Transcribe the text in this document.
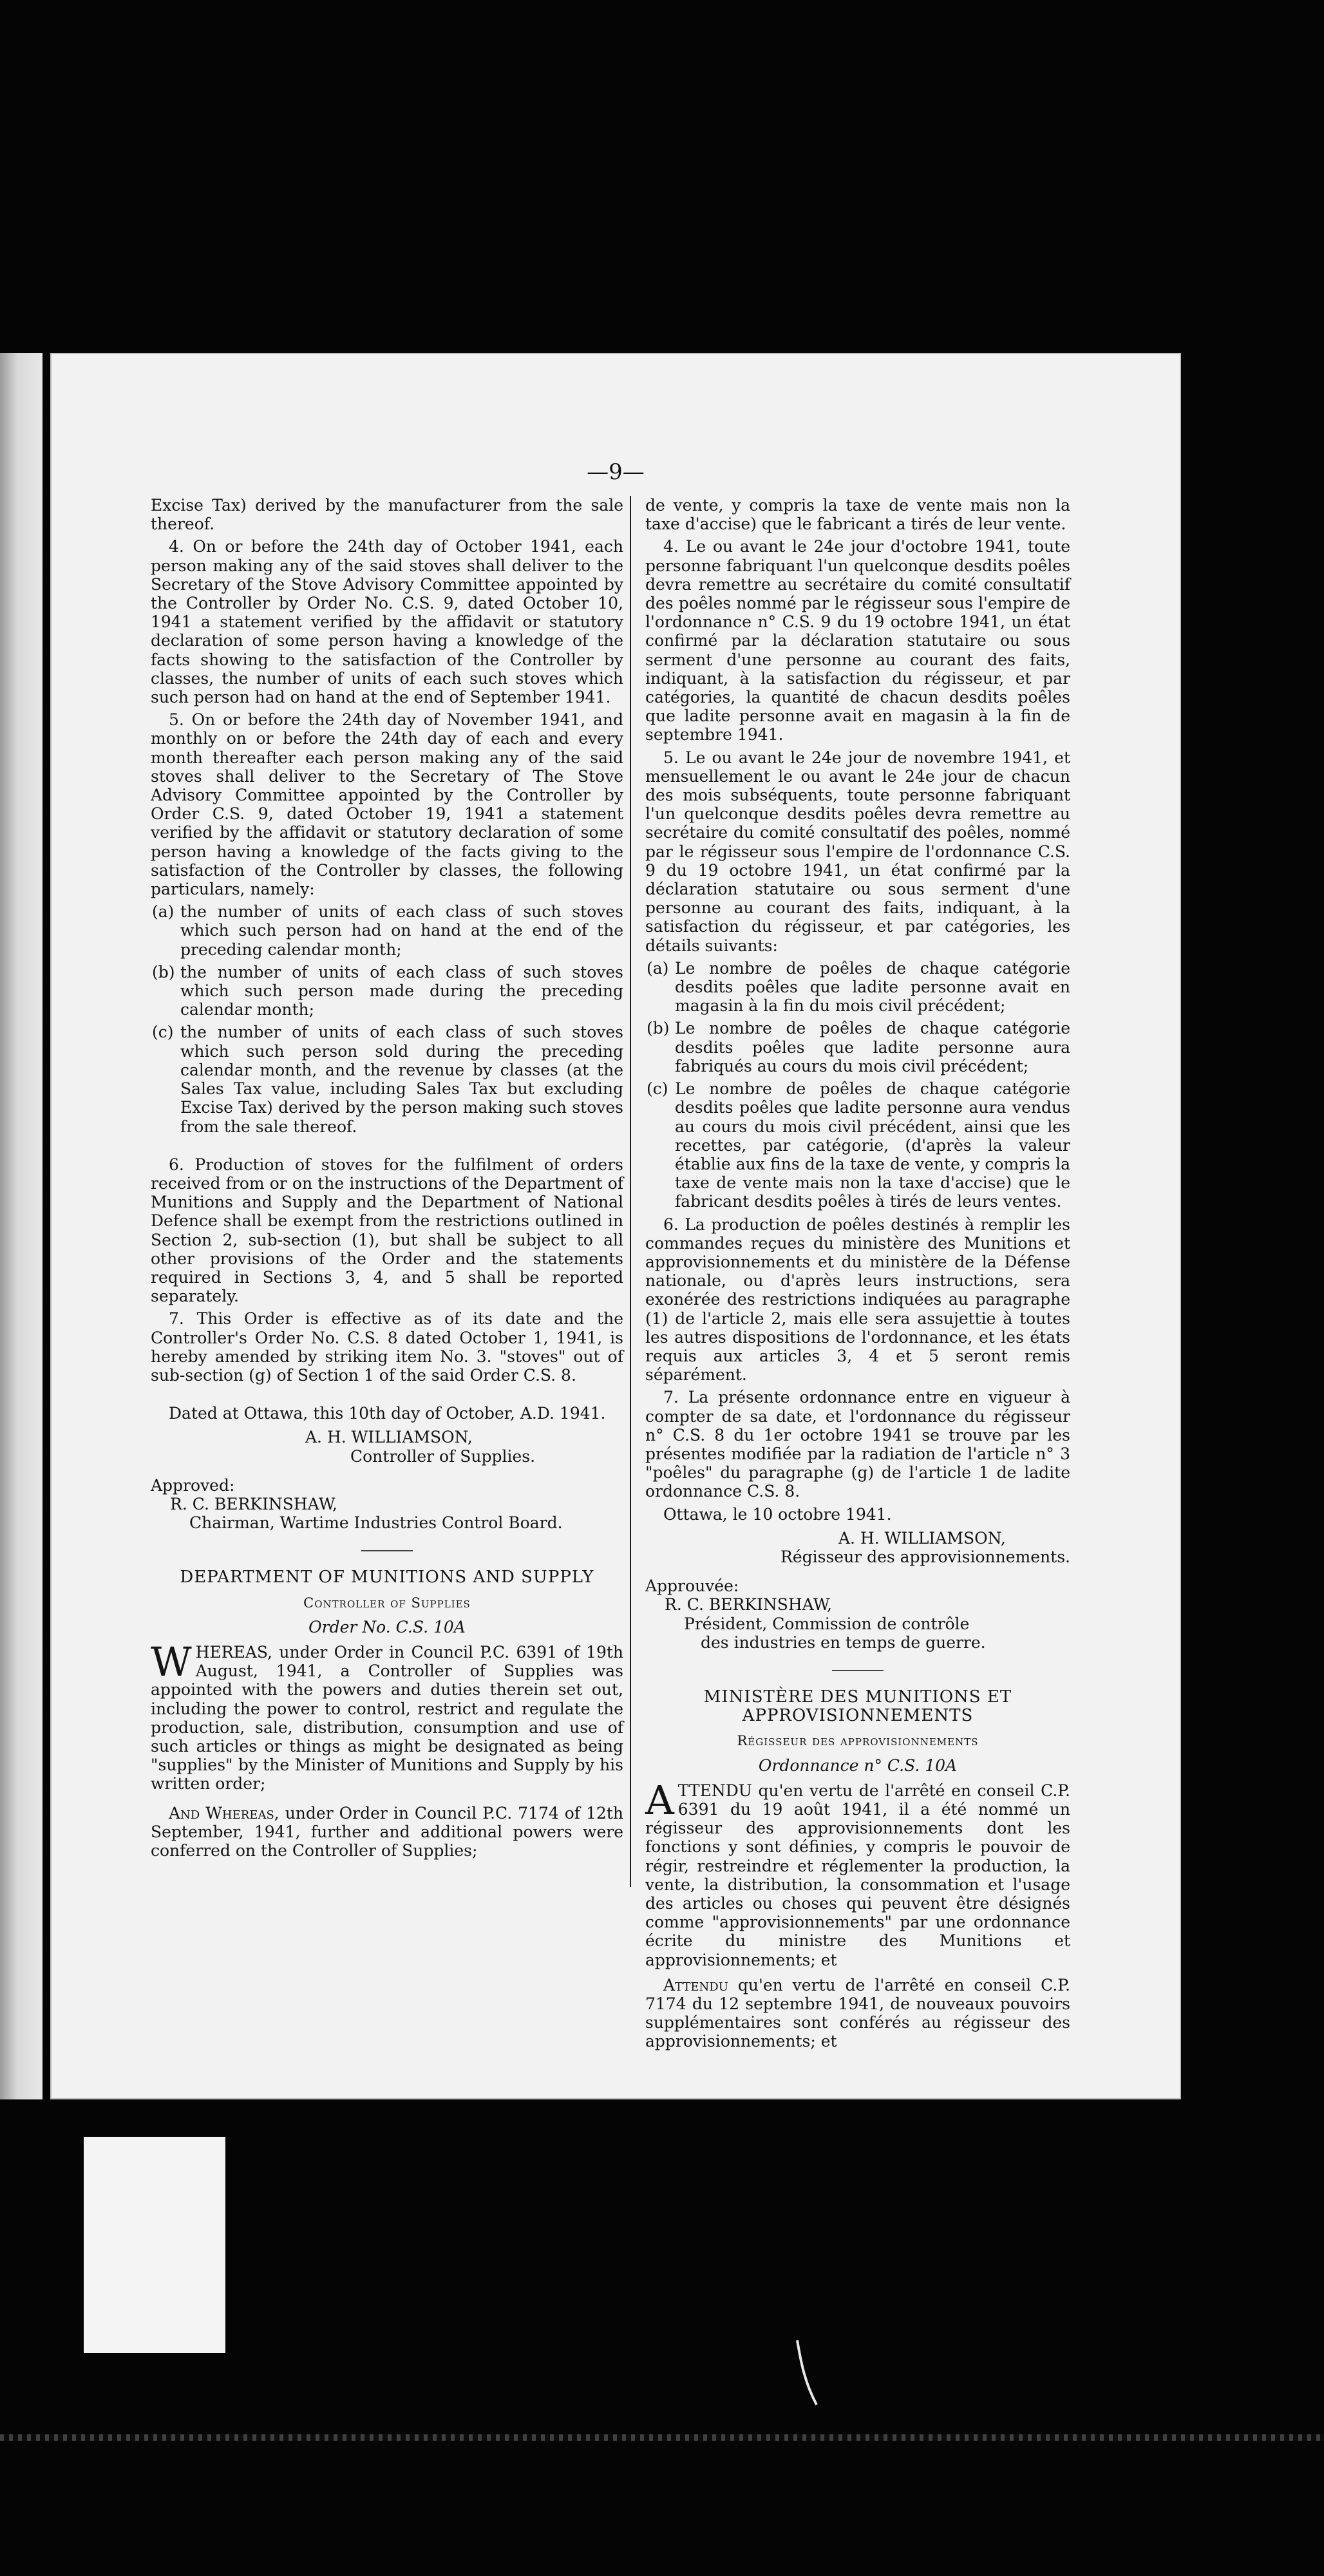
—9—

Excise Tax) derived by the manufacturer from the sale thereof.

4. On or before the 24th day of October 1941, each person making any of the said stoves shall deliver to the Secretary of the Stove Advisory Committee appointed by the Controller by Order No. C.S. 9, dated October 10, 1941 a statement verified by the affidavit or statutory declaration of some person having a knowledge of the facts showing to the satisfaction of the Controller by classes, the number of units of each such stoves which such person had on hand at the end of September 1941.

5. On or before the 24th day of November 1941, and monthly on or before the 24th day of each and every month thereafter each person making any of the said stoves shall deliver to the Secretary of The Stove Advisory Committee appointed by the Controller by Order C.S. 9, dated October 19, 1941 a statement verified by the affidavit or statutory declaration of some person having a knowledge of the facts giving to the satisfaction of the Controller by classes, the following particulars, namely:

(a) the number of units of each class of such stoves which such person had on hand at the end of the preceding calendar month;
(b) the number of units of each class of such stoves which such person made during the preceding calendar month;
(c) the number of units of each class of such stoves which such person sold during the preceding calendar month, and the revenue by classes (at the Sales Tax value, including Sales Tax but excluding Excise Tax) derived by the person making such stoves from the sale thereof.

6. Production of stoves for the fulfilment of orders received from or on the instructions of the Department of Munitions and Supply and the Department of National Defence shall be exempt from the restrictions outlined in Section 2, sub-section (1), but shall be subject to all other provisions of the Order and the statements required in Sections 3, 4, and 5 shall be reported separately.

7. This Order is effective as of its date and the Controller's Order No. C.S. 8 dated October 1, 1941, is hereby amended by striking item No. 3. "stoves" out of sub-section (g) of Section 1 of the said Order C.S. 8.

Dated at Ottawa, this 10th day of October, A.D. 1941.

A. H. WILLIAMSON,
Controller of Supplies.
Approved:
R. C. BERKINSHAW,
Chairman, Wartime Industries Control Board.
DEPARTMENT OF MUNITIONS AND SUPPLY
Controller of Supplies
Order No. C.S. 10A

WHEREAS, under Order in Council P.C. 6391 of 19th August, 1941, a Controller of Supplies was appointed with the powers and duties therein set out, including the power to control, restrict and regulate the production, sale, distribution, consumption and use of such articles or things as might be designated as being "supplies" by the Minister of Munitions and Supply by his written order;

And Whereas, under Order in Council P.C. 7174 of 12th September, 1941, further and additional powers were conferred on the Controller of Supplies;

de vente, y compris la taxe de vente mais non la taxe d'accise) que le fabricant a tirés de leur vente.

4. Le ou avant le 24e jour d'octobre 1941, toute personne fabriquant l'un quelconque desdits poêles devra remettre au secrétaire du comité consultatif des poêles nommé par le régisseur sous l'empire de l'ordonnance n° C.S. 9 du 19 octobre 1941, un état confirmé par la déclaration statutaire ou sous serment d'une personne au courant des faits, indiquant, à la satisfaction du régisseur, et par catégories, la quantité de chacun desdits poêles que ladite personne avait en magasin à la fin de septembre 1941.

5. Le ou avant le 24e jour de novembre 1941, et mensuellement le ou avant le 24e jour de chacun des mois subséquents, toute personne fabriquant l'un quelconque desdits poêles devra remettre au secrétaire du comité consultatif des poêles, nommé par le régisseur sous l'empire de l'ordonnance C.S. 9 du 19 octobre 1941, un état confirmé par la déclaration statutaire ou sous serment d'une personne au courant des faits, indiquant, à la satisfaction du régisseur, et par catégories, les détails suivants:

(a) Le nombre de poêles de chaque catégorie desdits poêles que ladite personne avait en magasin à la fin du mois civil précédent;
(b) Le nombre de poêles de chaque catégorie desdits poêles que ladite personne aura fabriqués au cours du mois civil précédent;
(c) Le nombre de poêles de chaque catégorie desdits poêles que ladite personne aura vendus au cours du mois civil précédent, ainsi que les recettes, par catégorie, (d'après la valeur établie aux fins de la taxe de vente, y compris la taxe de vente mais non la taxe d'accise) que le fabricant desdits poêles à tirés de leurs ventes.

6. La production de poêles destinés à remplir les commandes reçues du ministère des Munitions et approvisionnements et du ministère de la Défense nationale, ou d'après leurs instructions, sera exonérée des restrictions indiquées au paragraphe (1) de l'article 2, mais elle sera assujettie à toutes les autres dispositions de l'ordonnance, et les états requis aux articles 3, 4 et 5 seront remis séparément.

7. La présente ordonnance entre en vigueur à compter de sa date, et l'ordonnance du régisseur n° C.S. 8 du 1er octobre 1941 se trouve par les présentes modifiée par la radiation de l'article n° 3 "poêles" du paragraphe (g) de l'article 1 de ladite ordonnance C.S. 8.

Ottawa, le 10 octobre 1941.

A. H. WILLIAMSON,
Régisseur des approvisionnements.
Approuvée:
R. C. BERKINSHAW,
Président, Commission de contrôle
des industries en temps de guerre.
MINISTÈRE DES MUNITIONS ET
APPROVISIONNEMENTS
Régisseur des approvisionnements
Ordonnance n° C.S. 10A

ATTENDU qu'en vertu de l'arrêté en conseil C.P. 6391 du 19 août 1941, il a été nommé un régisseur des approvisionnements dont les fonctions y sont définies, y compris le pouvoir de régir, restreindre et réglementer la production, la vente, la distribution, la consommation et l'usage des articles ou choses qui peuvent être désignés comme "approvisionnements" par une ordonnance écrite du ministre des Munitions et approvisionnements; et

Attendu qu'en vertu de l'arrêté en conseil C.P. 7174 du 12 septembre 1941, de nouveaux pouvoirs supplémentaires sont conférés au régisseur des approvisionnements; et
